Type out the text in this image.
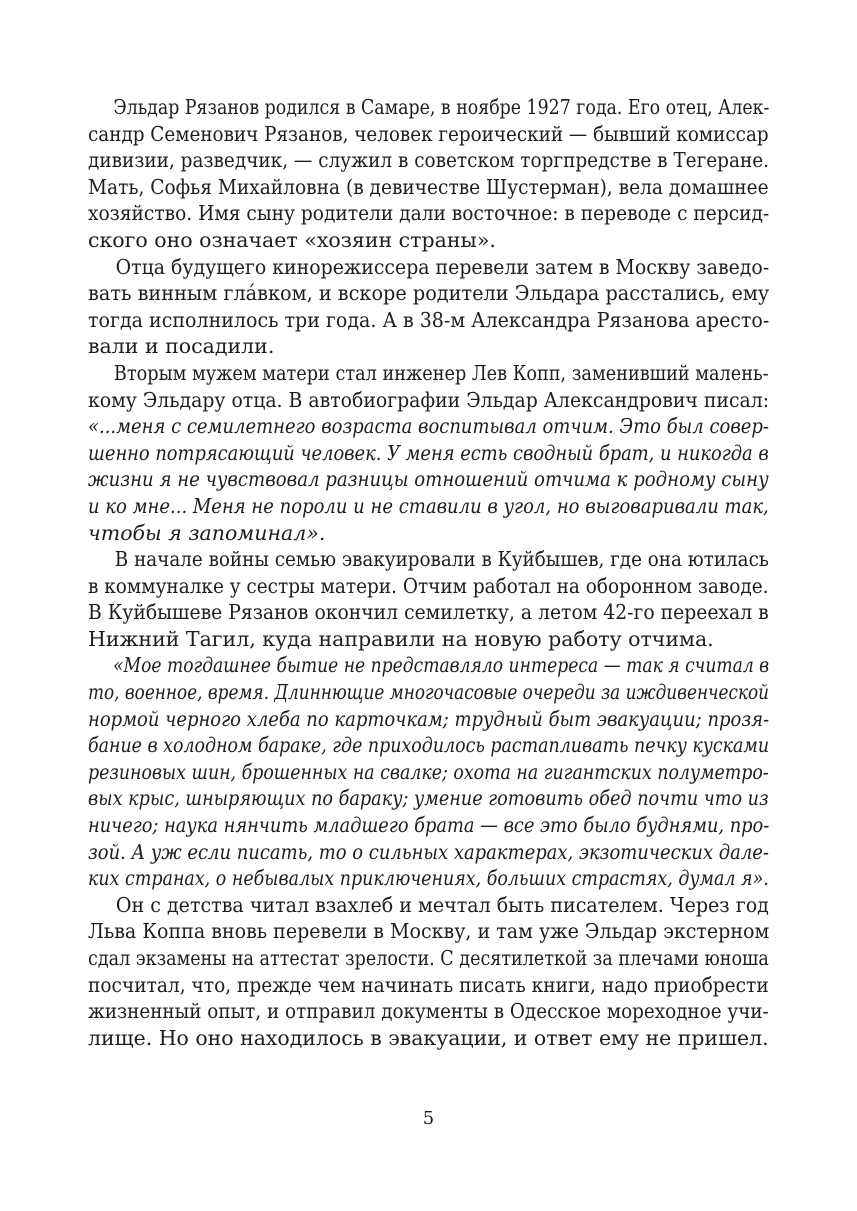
Эльдар Рязанов родился в Самаре, в ноябре 1927 года. Его отец, Алек-
сандр Семенович Рязанов, человек героический — бывший комиссар
дивизии, разведчик, — служил в советском торгпредстве в Тегеране.
Мать, Софья Михайловна (в девичестве Шустерман), вела домашнее
хозяйство. Имя сыну родители дали восточное: в переводе с персид-
ского оно означает «хозяин страны».
Отца будущего кинорежиссера перевели затем в Москву заведо-
вать винным глáвком, и вскоре родители Эльдара расстались, ему
тогда исполнилось три года. А в 38-м Александра Рязанова аресто-
вали и посадили.
Вторым мужем матери стал инженер Лев Копп, заменивший малень-
кому Эльдару отца. В автобиографии Эльдар Александрович писал:
«...меня с семилетнего возраста воспитывал отчим. Это был совер-
шенно потрясающий человек. У меня есть сводный брат, и никогда в
жизни я не чувствовал разницы отношений отчима к родному сыну
и ко мне... Меня не пороли и не ставили в угол, но выговаривали так,
чтобы я запоминал».
В начале войны семью эвакуировали в Куйбышев, где она ютилась
в коммуналке у сестры матери. Отчим работал на оборонном заводе.
В Куйбышеве Рязанов окончил семилетку, а летом 42-го переехал в
Нижний Тагил, куда направили на новую работу отчима.
«Мое тогдашнее бытие не представляло интереса — так я считал в
то, военное, время. Длиннющие многочасовые очереди за иждивенческой
нормой черного хлеба по карточкам; трудный быт эвакуации; прозя-
бание в холодном бараке, где приходилось растапливать печку кусками
резиновых шин, брошенных на свалке; охота на гигантских полуметро-
вых крыс, шныряющих по бараку; умение готовить обед почти что из
ничего; наука нянчить младшего брата — все это было буднями, про-
зой. А уж если писать, то о сильных характерах, экзотических дале-
ких странах, о небывалых приключениях, больших страстях, думал я».
Он с детства читал взахлеб и мечтал быть писателем. Через год
Льва Коппа вновь перевели в Москву, и там уже Эльдар экстерном
сдал экзамены на аттестат зрелости. С десятилеткой за плечами юноша
посчитал, что, прежде чем начинать писать книги, надо приобрести
жизненный опыт, и отправил документы в Одесское мореходное учи-
лище. Но оно находилось в эвакуации, и ответ ему не пришел.
5
